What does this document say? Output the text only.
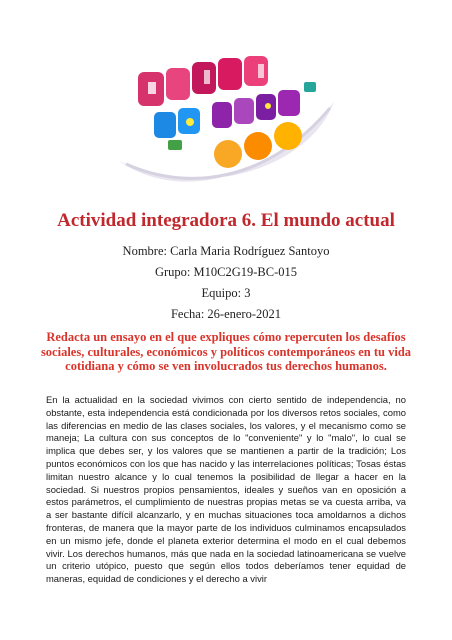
Actividad integradora 6. El mundo actual
Nombre: Carla Maria Rodríguez Santoyo
Grupo: M10C2G19-BC-015
Equipo: 3
Fecha: 26-enero-2021
Redacta un ensayo en el que expliques cómo repercuten los desafíos sociales, culturales, económicos y políticos contemporáneos en tu vida cotidiana y cómo se ven involucrados tus derechos humanos.

En la actualidad en la sociedad vivimos con cierto sentido de independencia, no obstante, esta independencia está condicionada por los diversos retos sociales, como las diferencias en medio de las clases sociales, los valores, y el mecanismo como se maneja; La cultura con sus conceptos de lo "conveniente" y lo "malo", lo cual se implica que debes ser, y los valores que se mantienen a partir de la tradición; Los puntos económicos con los que has nacido y las interrelaciones políticas; Tosas éstas limitan nuestro alcance y lo cual tenemos la posibilidad de llegar a hacer en la sociedad. Si nuestros propios pensamientos, ideales y sueños van en oposición a estos parámetros, el cumplimiento de nuestras propias metas se va cuesta arriba, va a ser bastante difícil alcanzarlo, y en muchas situaciones toca amoldarnos a dichos fronteras, de manera que la mayor parte de los individuos culminamos encapsulados en un mismo jefe, donde el planeta exterior determina el modo en el cual debemos vivir. Los derechos humanos, más que nada en la sociedad latinoamericana se vuelve un criterio utópico, puesto que según ellos todos deberíamos tener equidad de maneras, equidad de condiciones y el derecho a vivir
